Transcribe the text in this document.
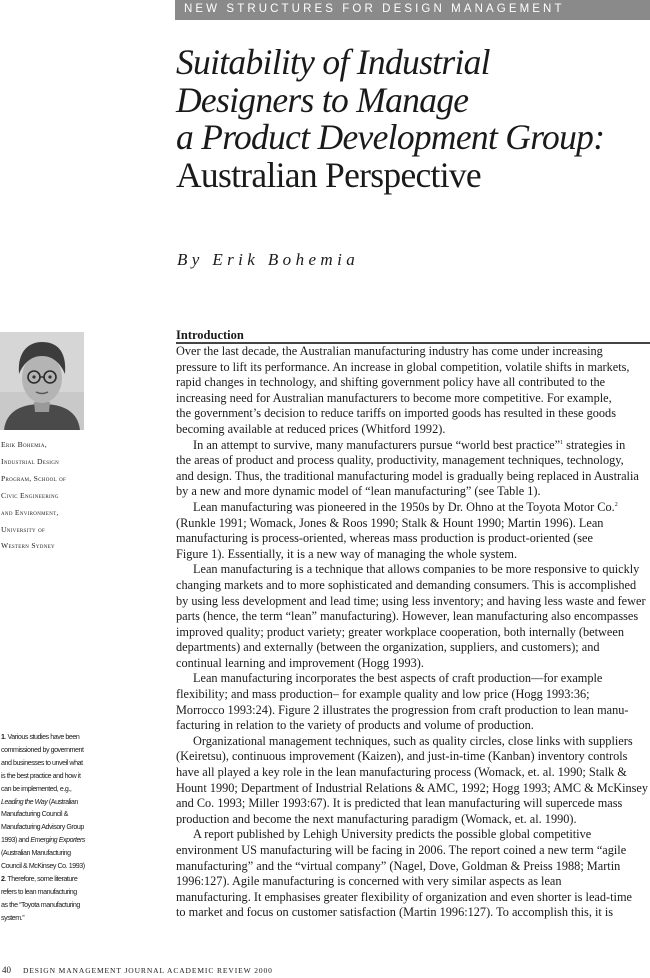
NEW STRUCTURES FOR DESIGN MANAGEMENT
Suitability of Industrial
Designers to Manage
a Product Development Group:
Australian Perspective
By Erik Bohemia
Erik Bohemia,
Industrial Design
Program, School of
Civic Engineering
and Environment,
University of
Western Sydney
1. Various studies have been
commissioned by government
and businesses to unveil what
is the best practice and how it
can be implemented, e.g.,
Leading the Way (Australian
Manufacturing Council &
Manufacturing Advisory Group
1993) and Emerging Exporters
(Australian Manufacturing
Council & McKinsey Co. 1993)
2. Therefore, some literature
refers to lean manufacturing
as the “Toyota manufacturing
system.”
Introduction
Over the last decade, the Australian manufacturing industry has come under increasing
pressure to lift its performance. An increase in global competition, volatile shifts in markets,
rapid changes in technology, and shifting government policy have all contributed to the
increasing need for Australian manufacturers to become more competitive. For example,
the government’s decision to reduce tariffs on imported goods has resulted in these goods
becoming available at reduced prices (Whitford 1992).
In an attempt to survive, many manufacturers pursue “world best practice”$^1$ strategies in
the areas of product and process quality, productivity, management techniques, technology,
and design. Thus, the traditional manufacturing model is gradually being replaced in Australia
by a new and more dynamic model of “lean manufacturing” (see Table 1).
Lean manufacturing was pioneered in the 1950s by Dr. Ohno at the Toyota Motor Co.$^2$
(Runkle 1991; Womack, Jones & Roos 1990; Stalk & Hount 1990; Martin 1996). Lean
manufacturing is process-oriented, whereas mass production is product-oriented (see
Figure 1). Essentially, it is a new way of managing the whole system.
Lean manufacturing is a technique that allows companies to be more responsive to quickly
changing markets and to more sophisticated and demanding consumers. This is accomplished
by using less development and lead time; using less inventory; and having less waste and fewer
parts (hence, the term “lean” manufacturing). However, lean manufacturing also encompasses
improved quality; product variety; greater workplace cooperation, both internally (between
departments) and externally (between the organization, suppliers, and customers); and
continual learning and improvement (Hogg 1993).
Lean manufacturing incorporates the best aspects of craft production—for example
flexibility; and mass production– for example quality and low price (Hogg 1993:36;
Morrocco 1993:24). Figure 2 illustrates the progression from craft production to lean manu-
facturing in relation to the variety of products and volume of production.
Organizational management techniques, such as quality circles, close links with suppliers
(Keiretsu), continuous improvement (Kaizen), and just-in-time (Kanban) inventory controls
have all played a key role in the lean manufacturing process (Womack, et. al. 1990; Stalk &
Hount 1990; Department of Industrial Relations & AMC, 1992; Hogg 1993; AMC & McKinsey
and Co. 1993; Miller 1993:67). It is predicted that lean manufacturing will supercede mass
production and become the next manufacturing paradigm (Womack, et. al. 1990).
A report published by Lehigh University predicts the possible global competitive
environment US manufacturing will be facing in 2006. The report coined a new term “agile
manufacturing” and the “virtual company” (Nagel, Dove, Goldman & Preiss 1988; Martin
1996:127). Agile manufacturing is concerned with very similar aspects as lean
manufacturing. It emphasises greater flexibility of organization and even shorter is lead-time
to market and focus on customer satisfaction (Martin 1996:127). To accomplish this, it is
40 DESIGN MANAGEMENT JOURNAL ACADEMIC REVIEW 2000
